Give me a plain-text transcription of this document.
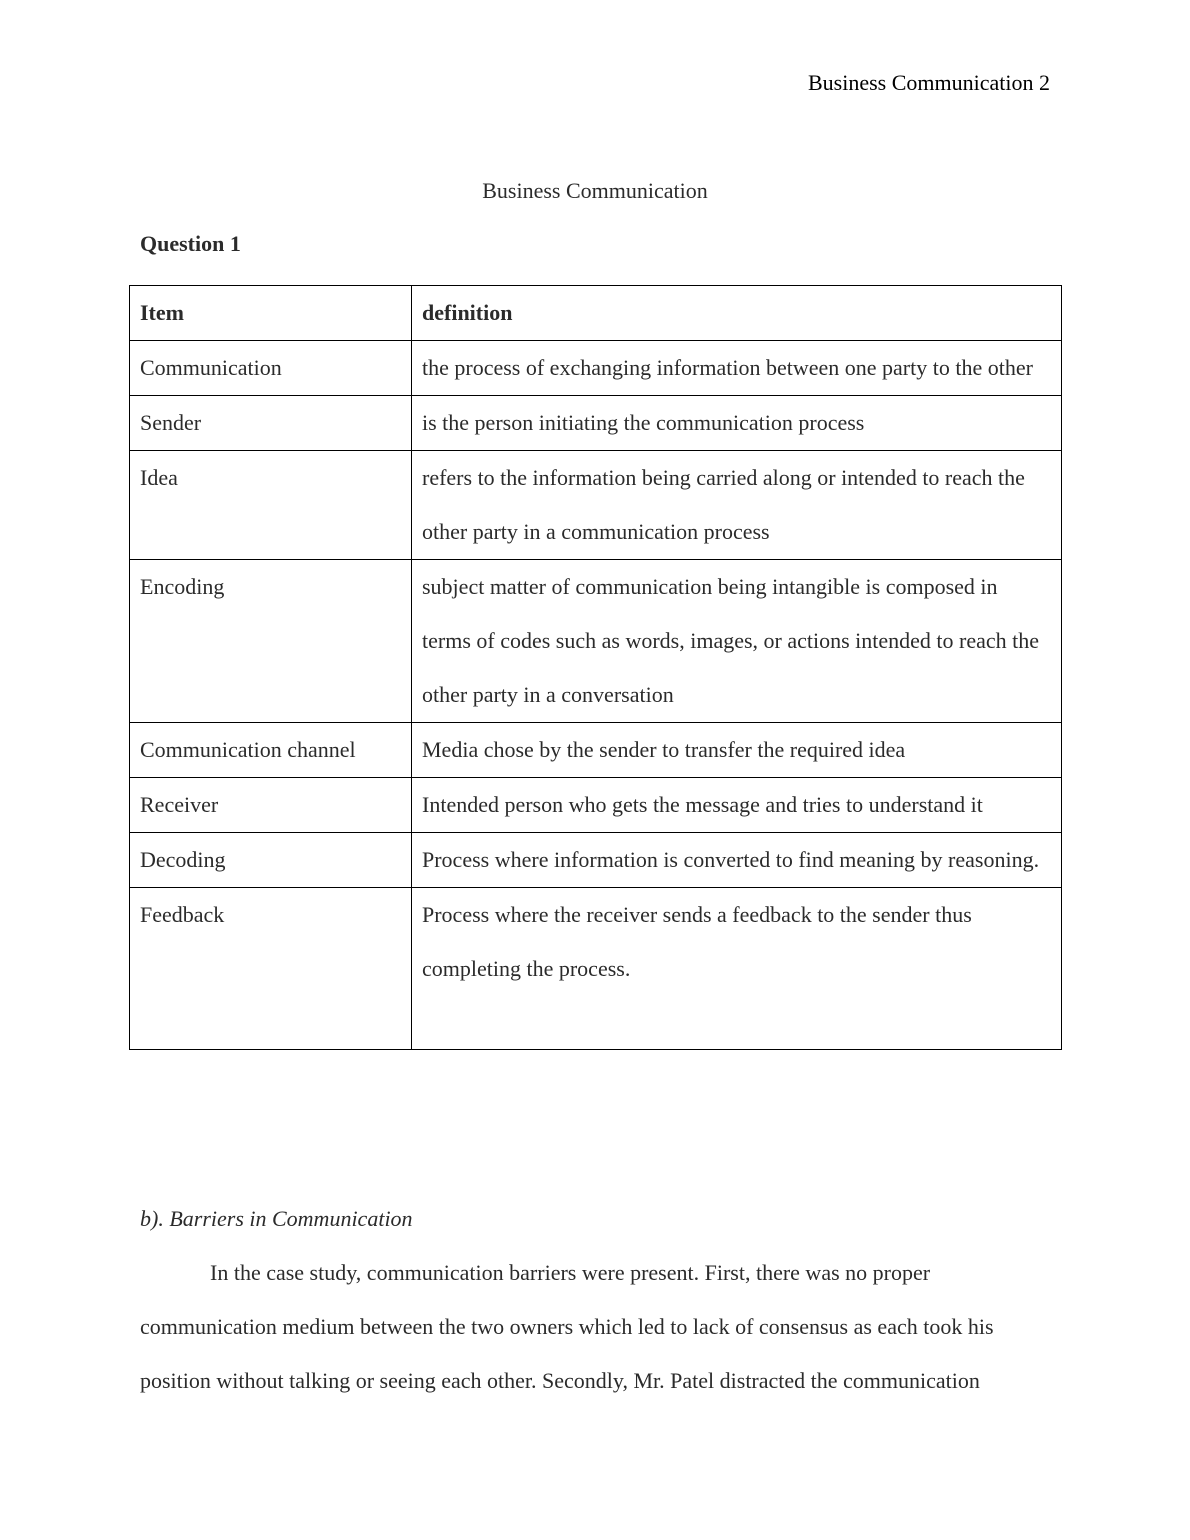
Business Communication 2
Business Communication
Question 1
Item	definition
Communication	the process of exchanging information between one party to the other
Sender	is the person initiating the communication process
Idea	refers to the information being carried along or intended to reach the other party in a communication process
Encoding	subject matter of communication being intangible is composed in terms of codes such as words, images, or actions intended to reach the other party in a conversation
Communication channel	Media chose by the sender to transfer the required idea
Receiver	Intended person who gets the message and tries to understand it
Decoding	Process where information is converted to find meaning by reasoning.
Feedback	Process where the receiver sends a feedback to the sender thus completing the process.
b). Barriers in Communication
In the case study, communication barriers were present. First, there was no proper communication medium between the two owners which led to lack of consensus as each took his position without talking or seeing each other. Secondly, Mr. Patel distracted the communication
